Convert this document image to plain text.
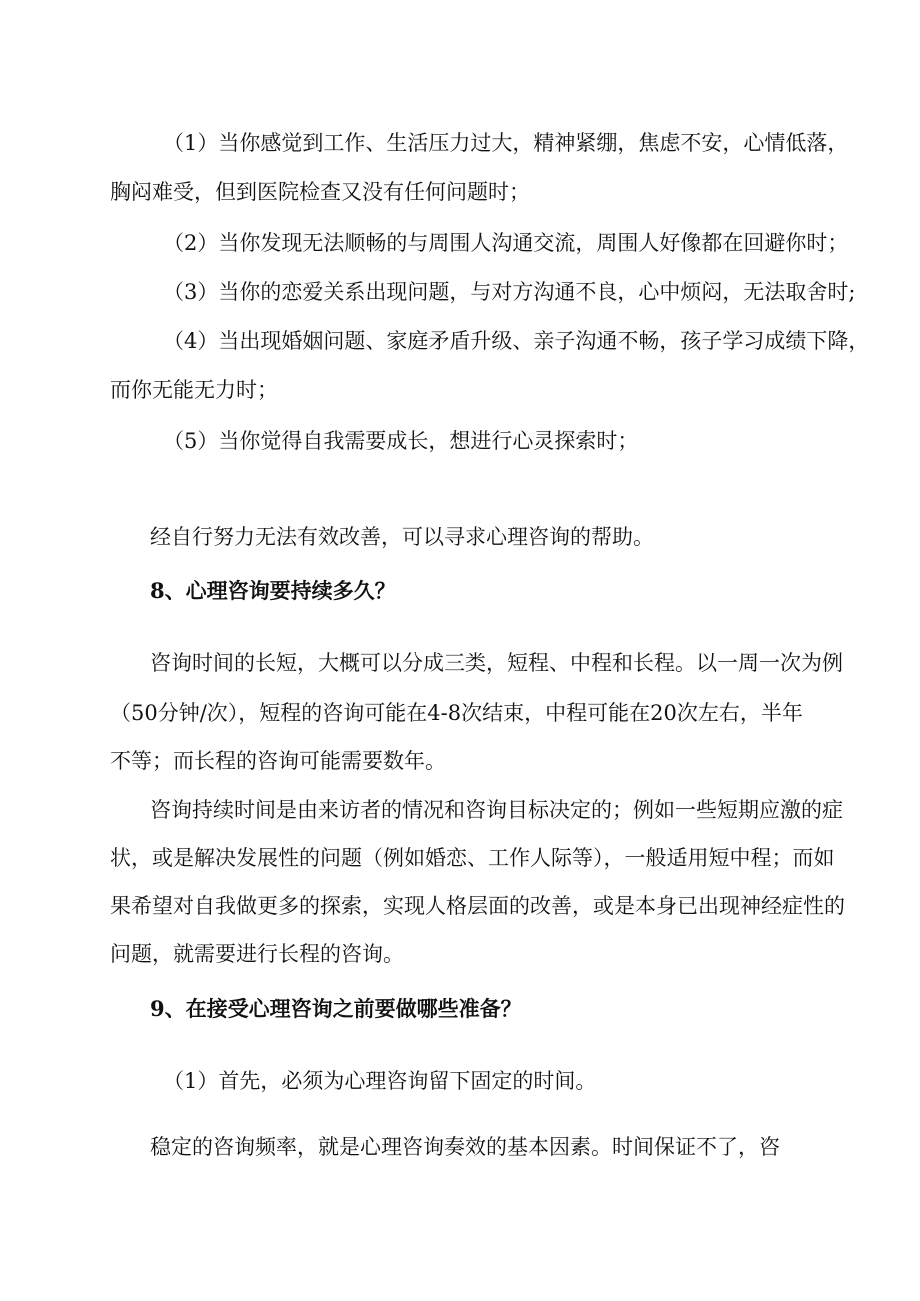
（1）当你感觉到工作、生活压力过大，精神紧绷，焦虑不安，心情低落，
胸闷难受，但到医院检查又没有任何问题时；
（2）当你发现无法顺畅的与周围人沟通交流，周围人好像都在回避你时；
（3）当你的恋爱关系出现问题，与对方沟通不良，心中烦闷，无法取舍时;
（4）当出现婚姻问题、家庭矛盾升级、亲子沟通不畅，孩子学习成绩下降，
而你无能无力时；
（5）当你觉得自我需要成长，想进行心灵探索时；
经自行努力无法有效改善，可以寻求心理咨询的帮助。
8、心理咨询要持续多久？
咨询时间的长短，大概可以分成三类，短程、中程和长程。以一周一次为例
（50分钟/次），短程的咨询可能在4-8次结束，中程可能在20次左右，半年
不等；而长程的咨询可能需要数年。
咨询持续时间是由来访者的情况和咨询目标决定的；例如一些短期应激的症
状，或是解决发展性的问题（例如婚恋、工作人际等），一般适用短中程；而如
果希望对自我做更多的探索，实现人格层面的改善，或是本身已出现神经症性的
问题，就需要进行长程的咨询。
9、在接受心理咨询之前要做哪些准备？
（1）首先，必须为心理咨询留下固定的时间。
稳定的咨询频率，就是心理咨询奏效的基本因素。时间保证不了，咨
